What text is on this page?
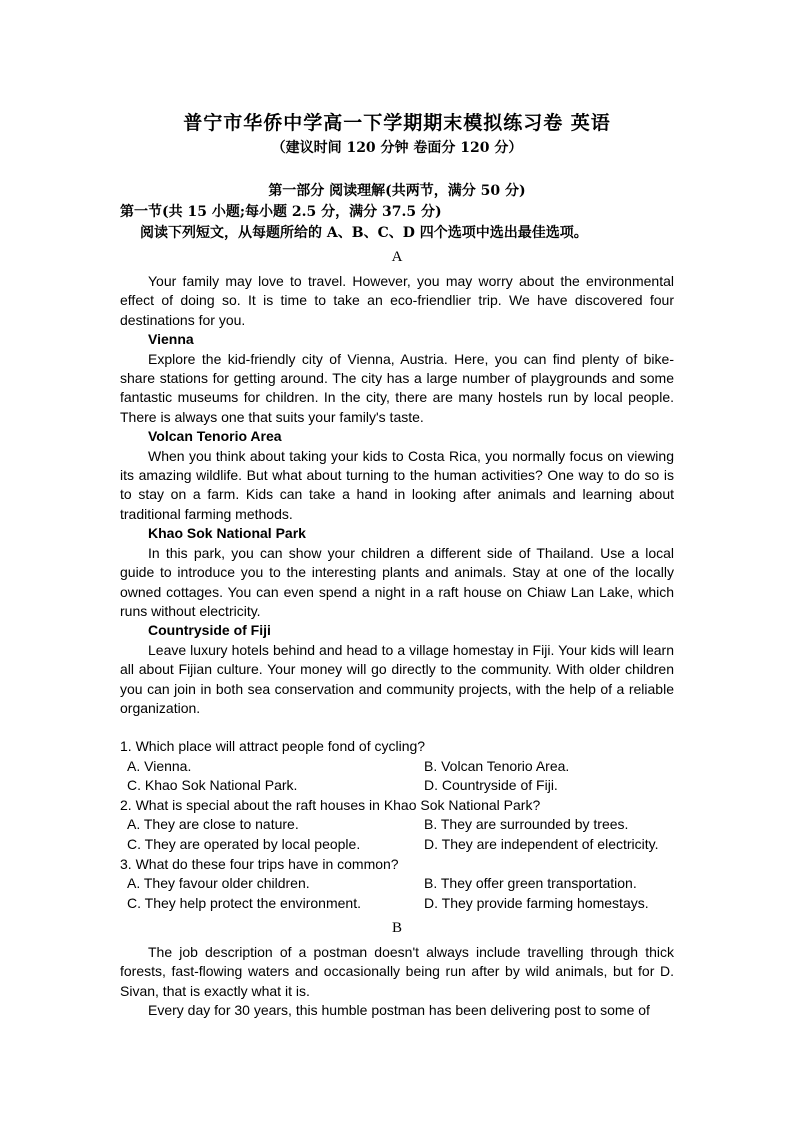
普宁市华侨中学高一下学期期末模拟练习卷 英语
（建议时间 120 分钟 卷面分 120 分）
第一部分 阅读理解(共两节，满分 50 分)
第一节(共 15 小题;每小题 2.5 分，满分 37.5 分)
阅读下列短文，从每题所给的 A、B、C、D 四个选项中选出最佳选项。
A

Your family may love to travel. However, you may worry about the environmental effect of doing so. It is time to take an eco-friendlier trip. We have discovered four destinations for you.

Vienna

Explore the kid-friendly city of Vienna, Austria. Here, you can find plenty of bike-share stations for getting around. The city has a large number of playgrounds and some fantastic museums for children. In the city, there are many hostels run by local people. There is always one that suits your family's taste.

Volcan Tenorio Area

When you think about taking your kids to Costa Rica, you normally focus on viewing its amazing wildlife. But what about turning to the human activities? One way to do so is to stay on a farm. Kids can take a hand in looking after animals and learning about traditional farming methods.

Khao Sok National Park

In this park, you can show your children a different side of Thailand. Use a local guide to introduce you to the interesting plants and animals. Stay at one of the locally owned cottages. You can even spend a night in a raft house on Chiaw Lan Lake, which runs without electricity.

Countryside of Fiji

Leave luxury hotels behind and head to a village homestay in Fiji. Your kids will learn all about Fijian culture. Your money will go directly to the community. With older children you can join in both sea conservation and community projects, with the help of a reliable organization.

1. Which place will attract people fond of cycling?

A. Vienna.	B. Volcan Tenorio Area.
C. Khao Sok National Park.	D. Countryside of Fiji.

2. What is special about the raft houses in Khao Sok National Park?

A. They are close to nature.	B. They are surrounded by trees.
C. They are operated by local people.	D. They are independent of electricity.

3. What do these four trips have in common?

A. They favour older children.	B. They offer green transportation.
C. They help protect the environment.	D. They provide farming homestays.
B

The job description of a postman doesn't always include travelling through thick forests, fast-flowing waters and occasionally being run after by wild animals, but for D. Sivan, that is exactly what it is.

Every day for 30 years, this humble postman has been delivering post to some of
